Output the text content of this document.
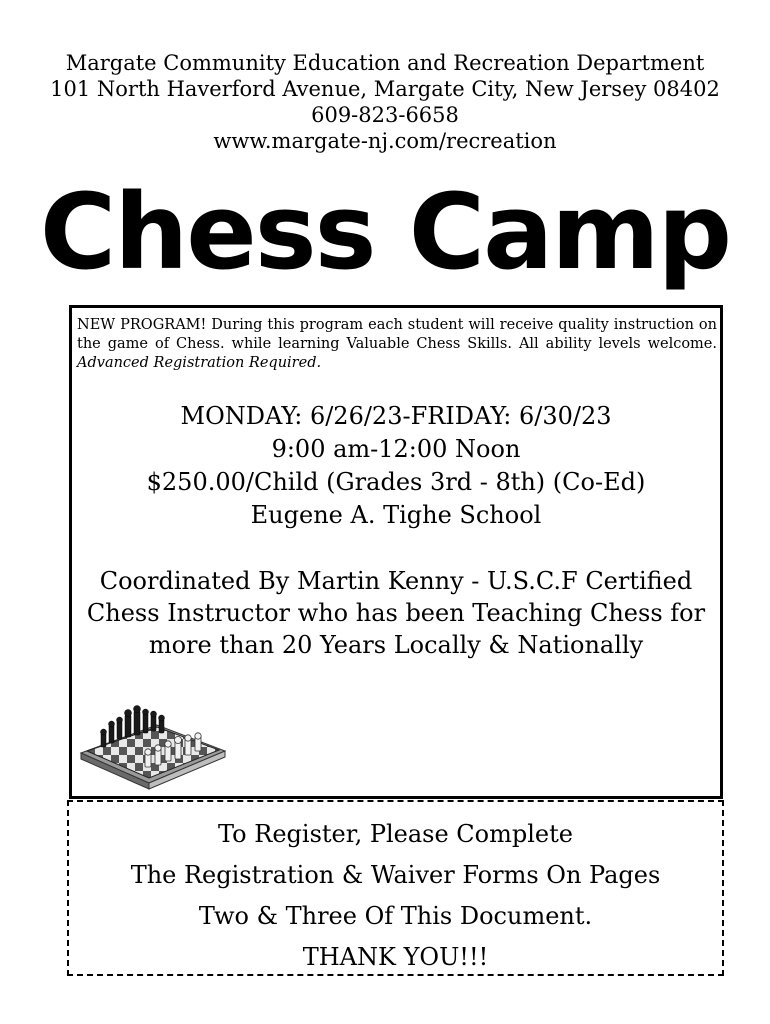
Margate Community Education and Recreation Department
101 North Haverford Avenue, Margate City, New Jersey 08402
609-823-6658
www.margate-nj.com/recreation
Chess Camp
NEW PROGRAM! During this program each student will receive quality instruction on the game of Chess. while learning Valuable Chess Skills. All ability levels welcome. Advanced Registration Required.
MONDAY: 6/26/23-FRIDAY: 6/30/23
9:00 am-12:00 Noon
$250.00/Child (Grades 3rd - 8th) (Co-Ed)
Eugene A. Tighe School
Coordinated By Martin Kenny - U.S.C.F Certified
Chess Instructor who has been Teaching Chess for
more than 20 Years Locally & Nationally
To Register, Please Complete
The Registration & Waiver Forms On Pages
Two & Three Of This Document.
THANK YOU!!!
